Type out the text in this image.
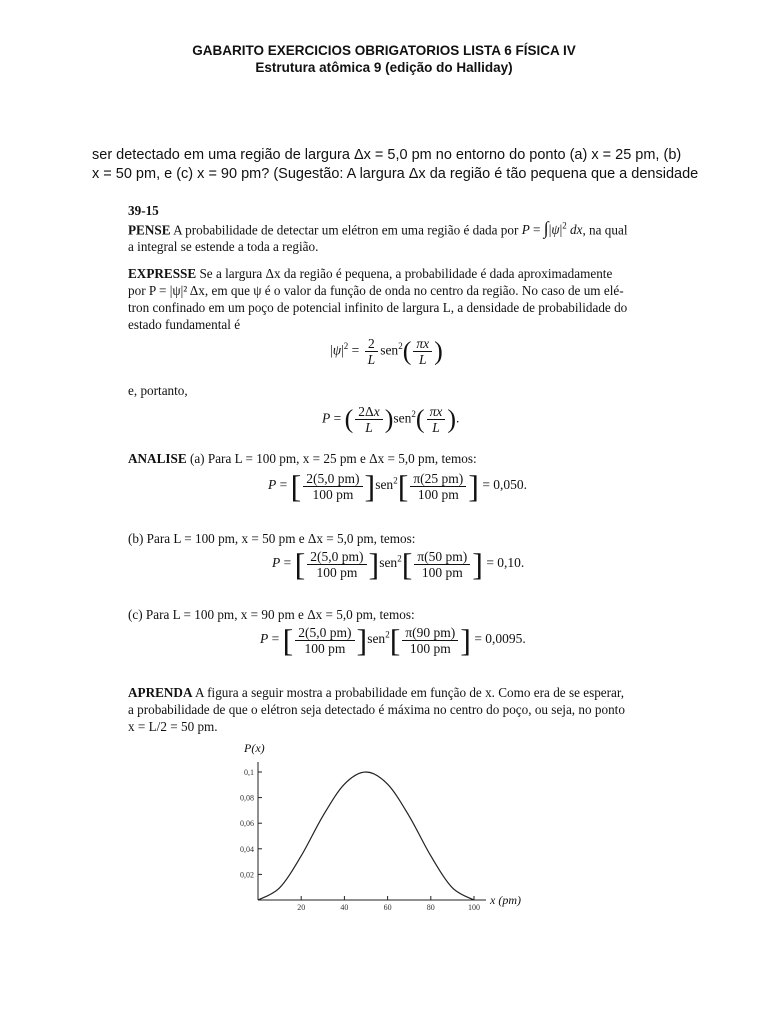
GABARITO EXERCICIOS OBRIGATORIOS LISTA 6 FÍSICA IV
Estrutura atômica 9 (edição do Halliday)
ser detectado em uma região de largura Δx = 5,0 pm no entorno do ponto (a) x = 25 pm, (b)
x = 50 pm, e (c) x = 90 pm? (Sugestão: A largura Δx da região é tão pequena que a densidade
39-15
PENSE A probabilidade de detectar um elétron em uma região é dada por $P = \int|\psi|^2$ dx, na qual
a integral se estende a toda a região.
EXPRESSE Se a largura Δx da região é pequena, a probabilidade é dada aproximadamente
por P = |ψ|² Δx, em que ψ é o valor da função de onda no centro da região. No caso de um elé-
tron confinado em um poço de potencial infinito de largura L, a densidade de probabilidade do
estado fundamental é
$|\psi|^2 = \frac{2}{L} sen^2( \frac{\pi x}{L}$ )
e, portanto,
P = ( $\frac{2\Delta x}{L} )sen^2( \frac{\pi x}{L}$ ).
ANALISE (a) Para L = 100 pm, x = 25 pm e Δx = 5,0 pm, temos:
P = [ $\frac{2(5,0 pm)}{100 pm} ]sen^2[ \frac{\pi(25 pm)}{100 pm}$ ] = 0,050.
(b) Para L = 100 pm, x = 50 pm e Δx = 5,0 pm, temos:
P = [ $\frac{2(5,0 pm)}{100 pm} ]sen^2[ \frac{\pi(50 pm)}{100 pm}$ ] = 0,10.
(c) Para L = 100 pm, x = 90 pm e Δx = 5,0 pm, temos:
P = [ $\frac{2(5,0 pm)}{100 pm} ]sen^2[ \frac{\pi(90 pm)}{100 pm}$ ] = 0,0095.
APRENDA A figura a seguir mostra a probabilidade em função de x. Como era de se esperar,
a probabilidade de que o elétron seja detectado é máxima no centro do poço, ou seja, no ponto
x = L/2 = 50 pm.
0,02
0,04
0,06
0,08
0,1
20	40	60	80	100
P(x)
x (pm)
